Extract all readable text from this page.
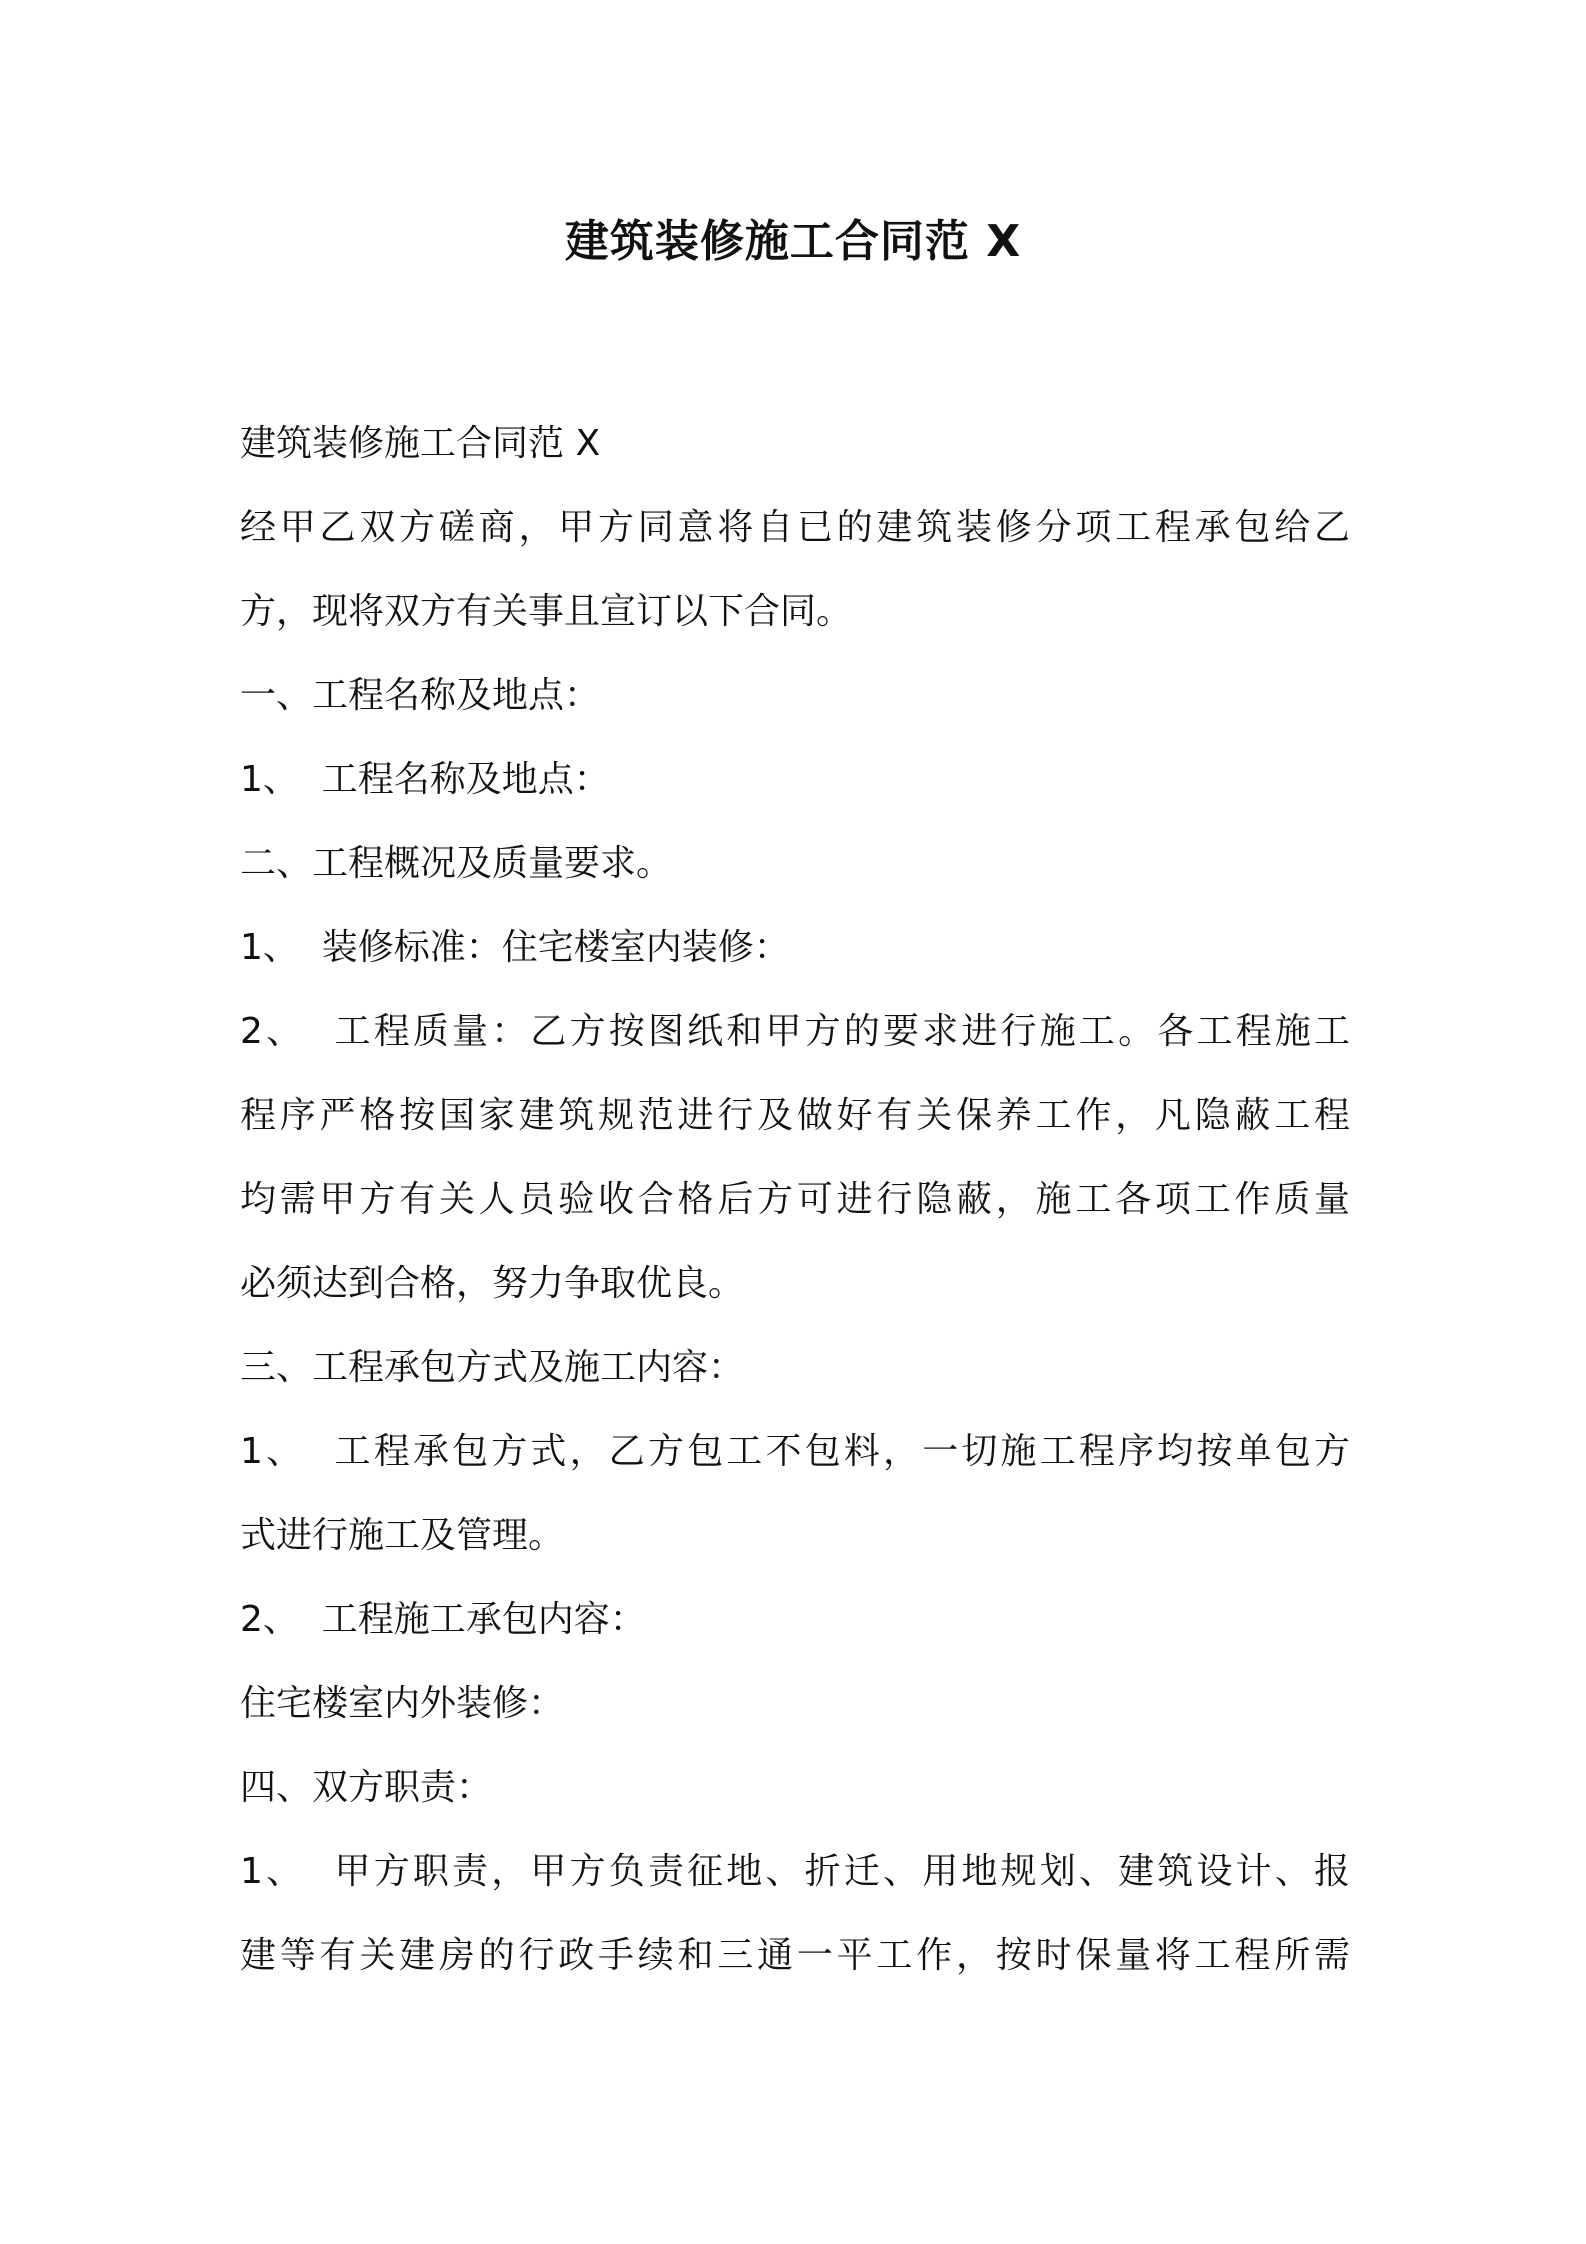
建筑装修施工合同范 X
建筑装修施工合同范 X
经甲乙双方磋商，甲方同意将自已的建筑装修分项工程承包给乙
方，现将双方有关事且宣订以下合同。
一、工程名称及地点：
1、  工程名称及地点：
二、工程概况及质量要求。
1、  装修标准：住宅楼室内装修：
2、  工程质量：乙方按图纸和甲方的要求进行施工。各工程施工
程序严格按国家建筑规范进行及做好有关保养工作，凡隐蔽工程
均需甲方有关人员验收合格后方可进行隐蔽，施工各项工作质量
必须达到合格，努力争取优良。
三、工程承包方式及施工内容：
1、  工程承包方式，乙方包工不包料，一切施工程序均按单包方
式进行施工及管理。
2、  工程施工承包内容：
住宅楼室内外装修：
四、双方职责：
1、  甲方职责，甲方负责征地、折迁、用地规划、建筑设计、报
建等有关建房的行政手续和三通一平工作，按时保量将工程所需
